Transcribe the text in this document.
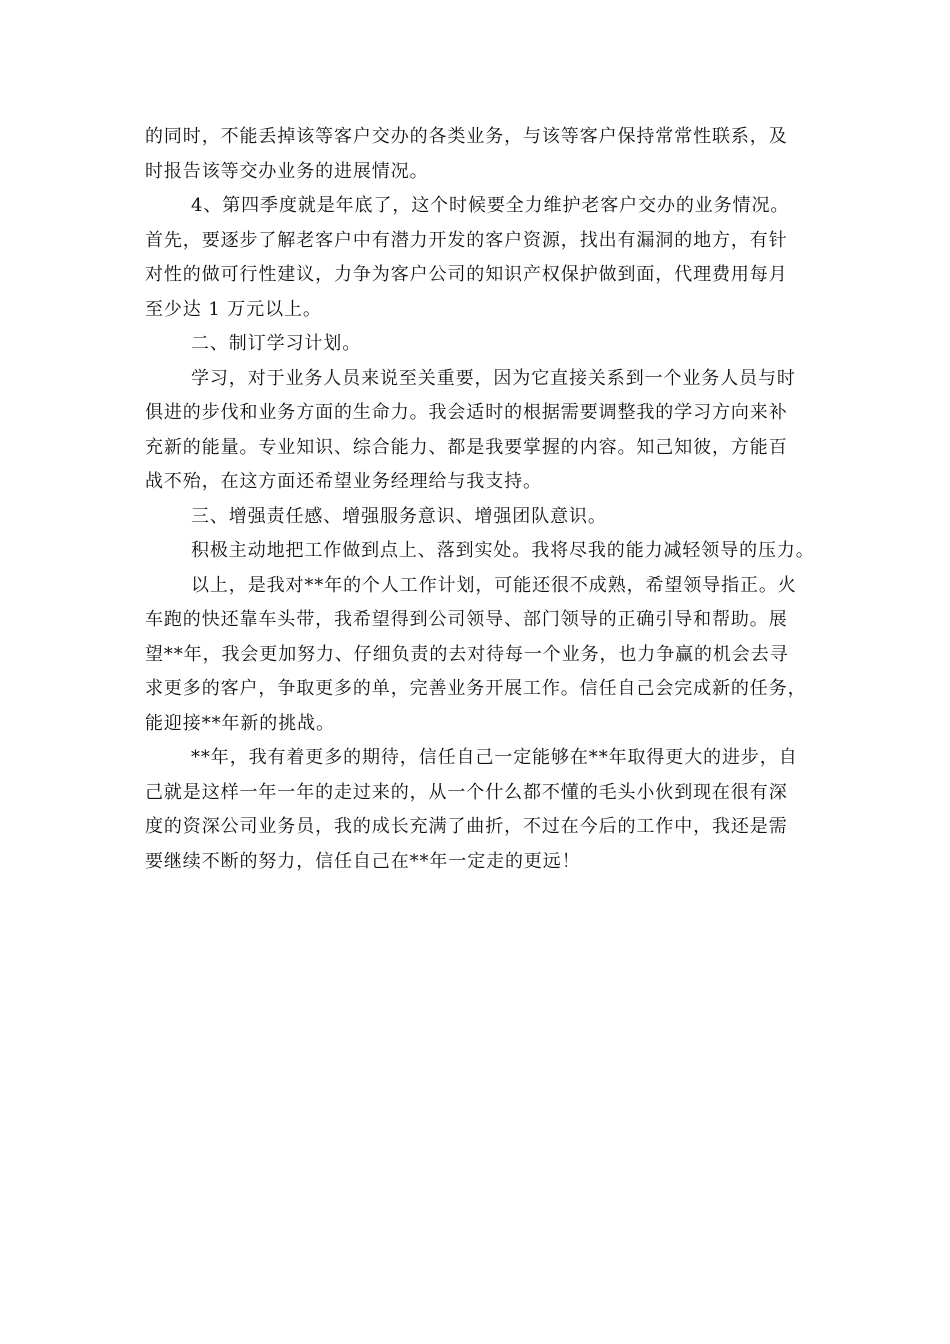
的同时，不能丢掉该等客户交办的各类业务，与该等客户保持常常性联系，及
时报告该等交办业务的进展情况。
4、第四季度就是年底了，这个时候要全力维护老客户交办的业务情况。
首先，要逐步了解老客户中有潜力开发的客户资源，找出有漏洞的地方，有针
对性的做可行性建议，力争为客户公司的知识产权保护做到面，代理费用每月
至少达 1 万元以上。
二、制订学习计划。
学习，对于业务人员来说至关重要，因为它直接关系到一个业务人员与时
俱进的步伐和业务方面的生命力。我会适时的根据需要调整我的学习方向来补
充新的能量。专业知识、综合能力、都是我要掌握的内容。知己知彼，方能百
战不殆，在这方面还希望业务经理给与我支持。
三、增强责任感、增强服务意识、增强团队意识。
积极主动地把工作做到点上、落到实处。我将尽我的能力减轻领导的压力。
以上，是我对**年的个人工作计划，可能还很不成熟，希望领导指正。火
车跑的快还靠车头带，我希望得到公司领导、部门领导的正确引导和帮助。展
望**年，我会更加努力、仔细负责的去对待每一个业务，也力争赢的机会去寻
求更多的客户，争取更多的单，完善业务开展工作。信任自己会完成新的任务，
能迎接**年新的挑战。
**年，我有着更多的期待，信任自己一定能够在**年取得更大的进步，自
己就是这样一年一年的走过来的，从一个什么都不懂的毛头小伙到现在很有深
度的资深公司业务员，我的成长充满了曲折，不过在今后的工作中，我还是需
要继续不断的努力，信任自己在**年一定走的更远！
